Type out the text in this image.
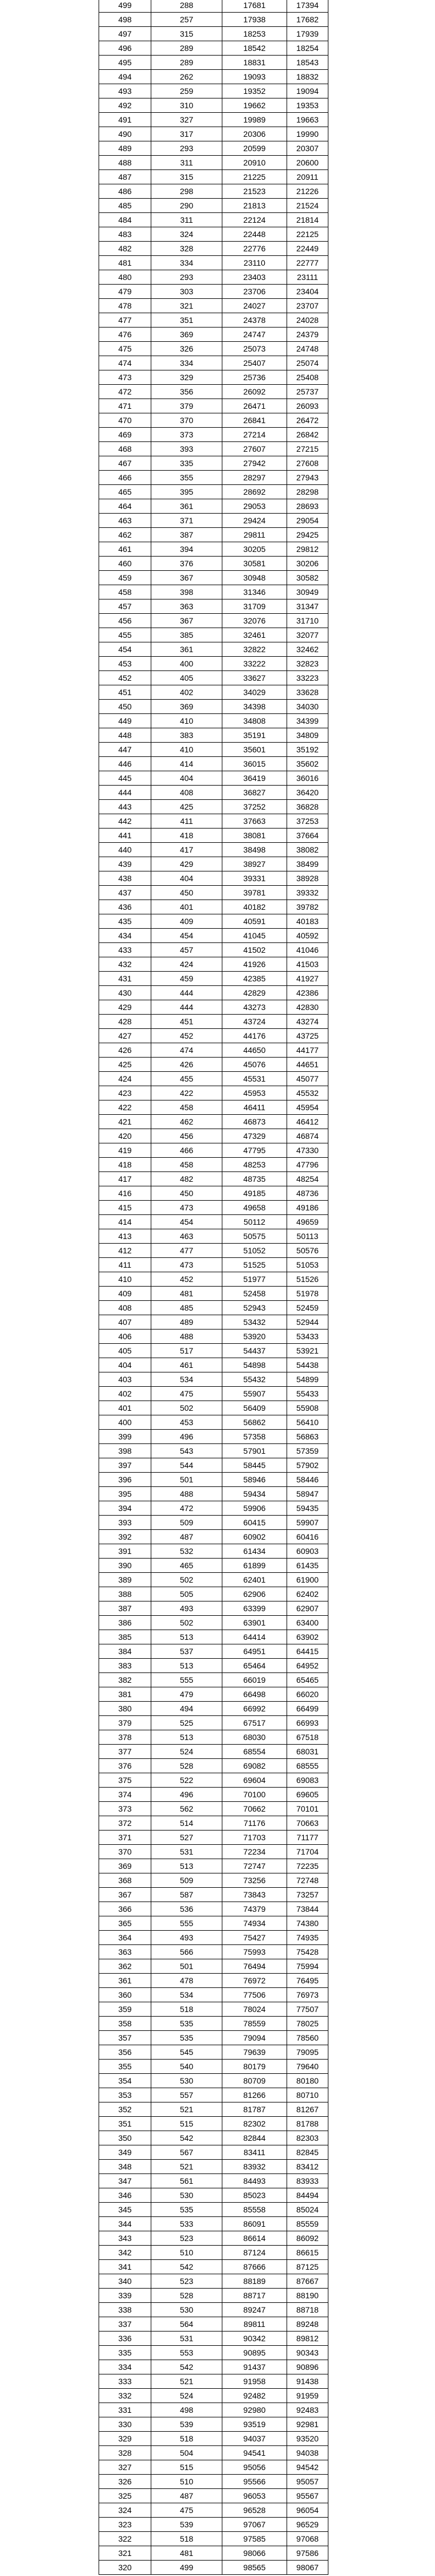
499	288	17681	17394
498	257	17938	17682
497	315	18253	17939
496	289	18542	18254
495	289	18831	18543
494	262	19093	18832
493	259	19352	19094
492	310	19662	19353
491	327	19989	19663
490	317	20306	19990
489	293	20599	20307
488	311	20910	20600
487	315	21225	20911
486	298	21523	21226
485	290	21813	21524
484	311	22124	21814
483	324	22448	22125
482	328	22776	22449
481	334	23110	22777
480	293	23403	23111
479	303	23706	23404
478	321	24027	23707
477	351	24378	24028
476	369	24747	24379
475	326	25073	24748
474	334	25407	25074
473	329	25736	25408
472	356	26092	25737
471	379	26471	26093
470	370	26841	26472
469	373	27214	26842
468	393	27607	27215
467	335	27942	27608
466	355	28297	27943
465	395	28692	28298
464	361	29053	28693
463	371	29424	29054
462	387	29811	29425
461	394	30205	29812
460	376	30581	30206
459	367	30948	30582
458	398	31346	30949
457	363	31709	31347
456	367	32076	31710
455	385	32461	32077
454	361	32822	32462
453	400	33222	32823
452	405	33627	33223
451	402	34029	33628
450	369	34398	34030
449	410	34808	34399
448	383	35191	34809
447	410	35601	35192
446	414	36015	35602
445	404	36419	36016
444	408	36827	36420
443	425	37252	36828
442	411	37663	37253
441	418	38081	37664
440	417	38498	38082
439	429	38927	38499
438	404	39331	38928
437	450	39781	39332
436	401	40182	39782
435	409	40591	40183
434	454	41045	40592
433	457	41502	41046
432	424	41926	41503
431	459	42385	41927
430	444	42829	42386
429	444	43273	42830
428	451	43724	43274
427	452	44176	43725
426	474	44650	44177
425	426	45076	44651
424	455	45531	45077
423	422	45953	45532
422	458	46411	45954
421	462	46873	46412
420	456	47329	46874
419	466	47795	47330
418	458	48253	47796
417	482	48735	48254
416	450	49185	48736
415	473	49658	49186
414	454	50112	49659
413	463	50575	50113
412	477	51052	50576
411	473	51525	51053
410	452	51977	51526
409	481	52458	51978
408	485	52943	52459
407	489	53432	52944
406	488	53920	53433
405	517	54437	53921
404	461	54898	54438
403	534	55432	54899
402	475	55907	55433
401	502	56409	55908
400	453	56862	56410
399	496	57358	56863
398	543	57901	57359
397	544	58445	57902
396	501	58946	58446
395	488	59434	58947
394	472	59906	59435
393	509	60415	59907
392	487	60902	60416
391	532	61434	60903
390	465	61899	61435
389	502	62401	61900
388	505	62906	62402
387	493	63399	62907
386	502	63901	63400
385	513	64414	63902
384	537	64951	64415
383	513	65464	64952
382	555	66019	65465
381	479	66498	66020
380	494	66992	66499
379	525	67517	66993
378	513	68030	67518
377	524	68554	68031
376	528	69082	68555
375	522	69604	69083
374	496	70100	69605
373	562	70662	70101
372	514	71176	70663
371	527	71703	71177
370	531	72234	71704
369	513	72747	72235
368	509	73256	72748
367	587	73843	73257
366	536	74379	73844
365	555	74934	74380
364	493	75427	74935
363	566	75993	75428
362	501	76494	75994
361	478	76972	76495
360	534	77506	76973
359	518	78024	77507
358	535	78559	78025
357	535	79094	78560
356	545	79639	79095
355	540	80179	79640
354	530	80709	80180
353	557	81266	80710
352	521	81787	81267
351	515	82302	81788
350	542	82844	82303
349	567	83411	82845
348	521	83932	83412
347	561	84493	83933
346	530	85023	84494
345	535	85558	85024
344	533	86091	85559
343	523	86614	86092
342	510	87124	86615
341	542	87666	87125
340	523	88189	87667
339	528	88717	88190
338	530	89247	88718
337	564	89811	89248
336	531	90342	89812
335	553	90895	90343
334	542	91437	90896
333	521	91958	91438
332	524	92482	91959
331	498	92980	92483
330	539	93519	92981
329	518	94037	93520
328	504	94541	94038
327	515	95056	94542
326	510	95566	95057
325	487	96053	95567
324	475	96528	96054
323	539	97067	96529
322	518	97585	97068
321	481	98066	97586
320	499	98565	98067
